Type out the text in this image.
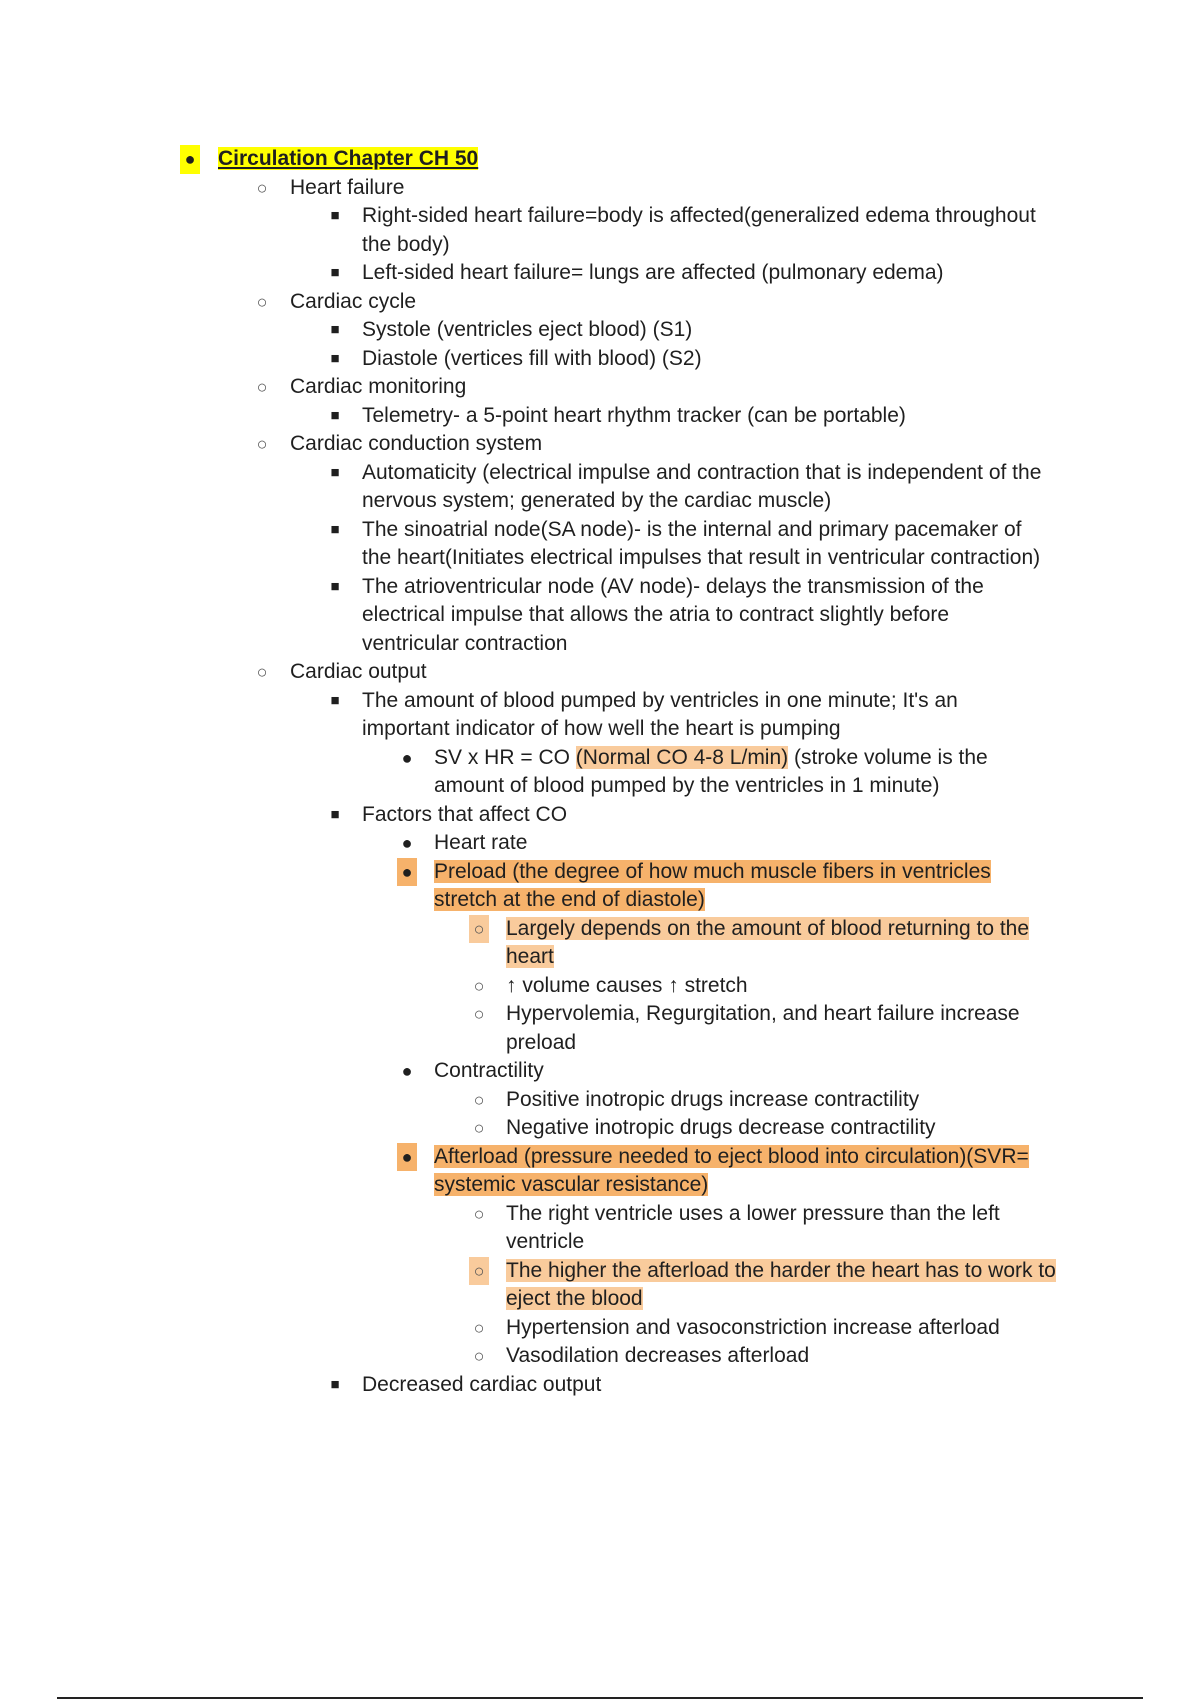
● Circulation Chapter CH 50
○ Heart failure
■ Right-sided heart failure=body is affected(generalized edema throughout
the body)
■ Left-sided heart failure= lungs are affected (pulmonary edema)
○ Cardiac cycle
■ Systole (ventricles eject blood) (S1)
■ Diastole (vertices fill with blood) (S2)
○ Cardiac monitoring
■ Telemetry- a 5-point heart rhythm tracker (can be portable)
○ Cardiac conduction system
■ Automaticity (electrical impulse and contraction that is independent of the
nervous system; generated by the cardiac muscle)
■ The sinoatrial node(SA node)- is the internal and primary pacemaker of
the heart(Initiates electrical impulses that result in ventricular contraction)
■ The atrioventricular node (AV node)- delays the transmission of the
electrical impulse that allows the atria to contract slightly before
ventricular contraction
○ Cardiac output
■ The amount of blood pumped by ventricles in one minute; It's an
important indicator of how well the heart is pumping
● SV x HR = CO (Normal CO 4-8 L/min) (stroke volume is the
amount of blood pumped by the ventricles in 1 minute)
■ Factors that affect CO
● Heart rate
● Preload (the degree of how much muscle fibers in ventricles
stretch at the end of diastole)
○ Largely depends on the amount of blood returning to the
heart
○ ↑ volume causes ↑ stretch
○ Hypervolemia, Regurgitation, and heart failure increase
preload
● Contractility
○ Positive inotropic drugs increase contractility
○ Negative inotropic drugs decrease contractility
● Afterload (pressure needed to eject blood into circulation)(SVR=
systemic vascular resistance)
○ The right ventricle uses a lower pressure than the left
ventricle
○ The higher the afterload the harder the heart has to work to
eject the blood
○ Hypertension and vasoconstriction increase afterload
○ Vasodilation decreases afterload
■ Decreased cardiac output
